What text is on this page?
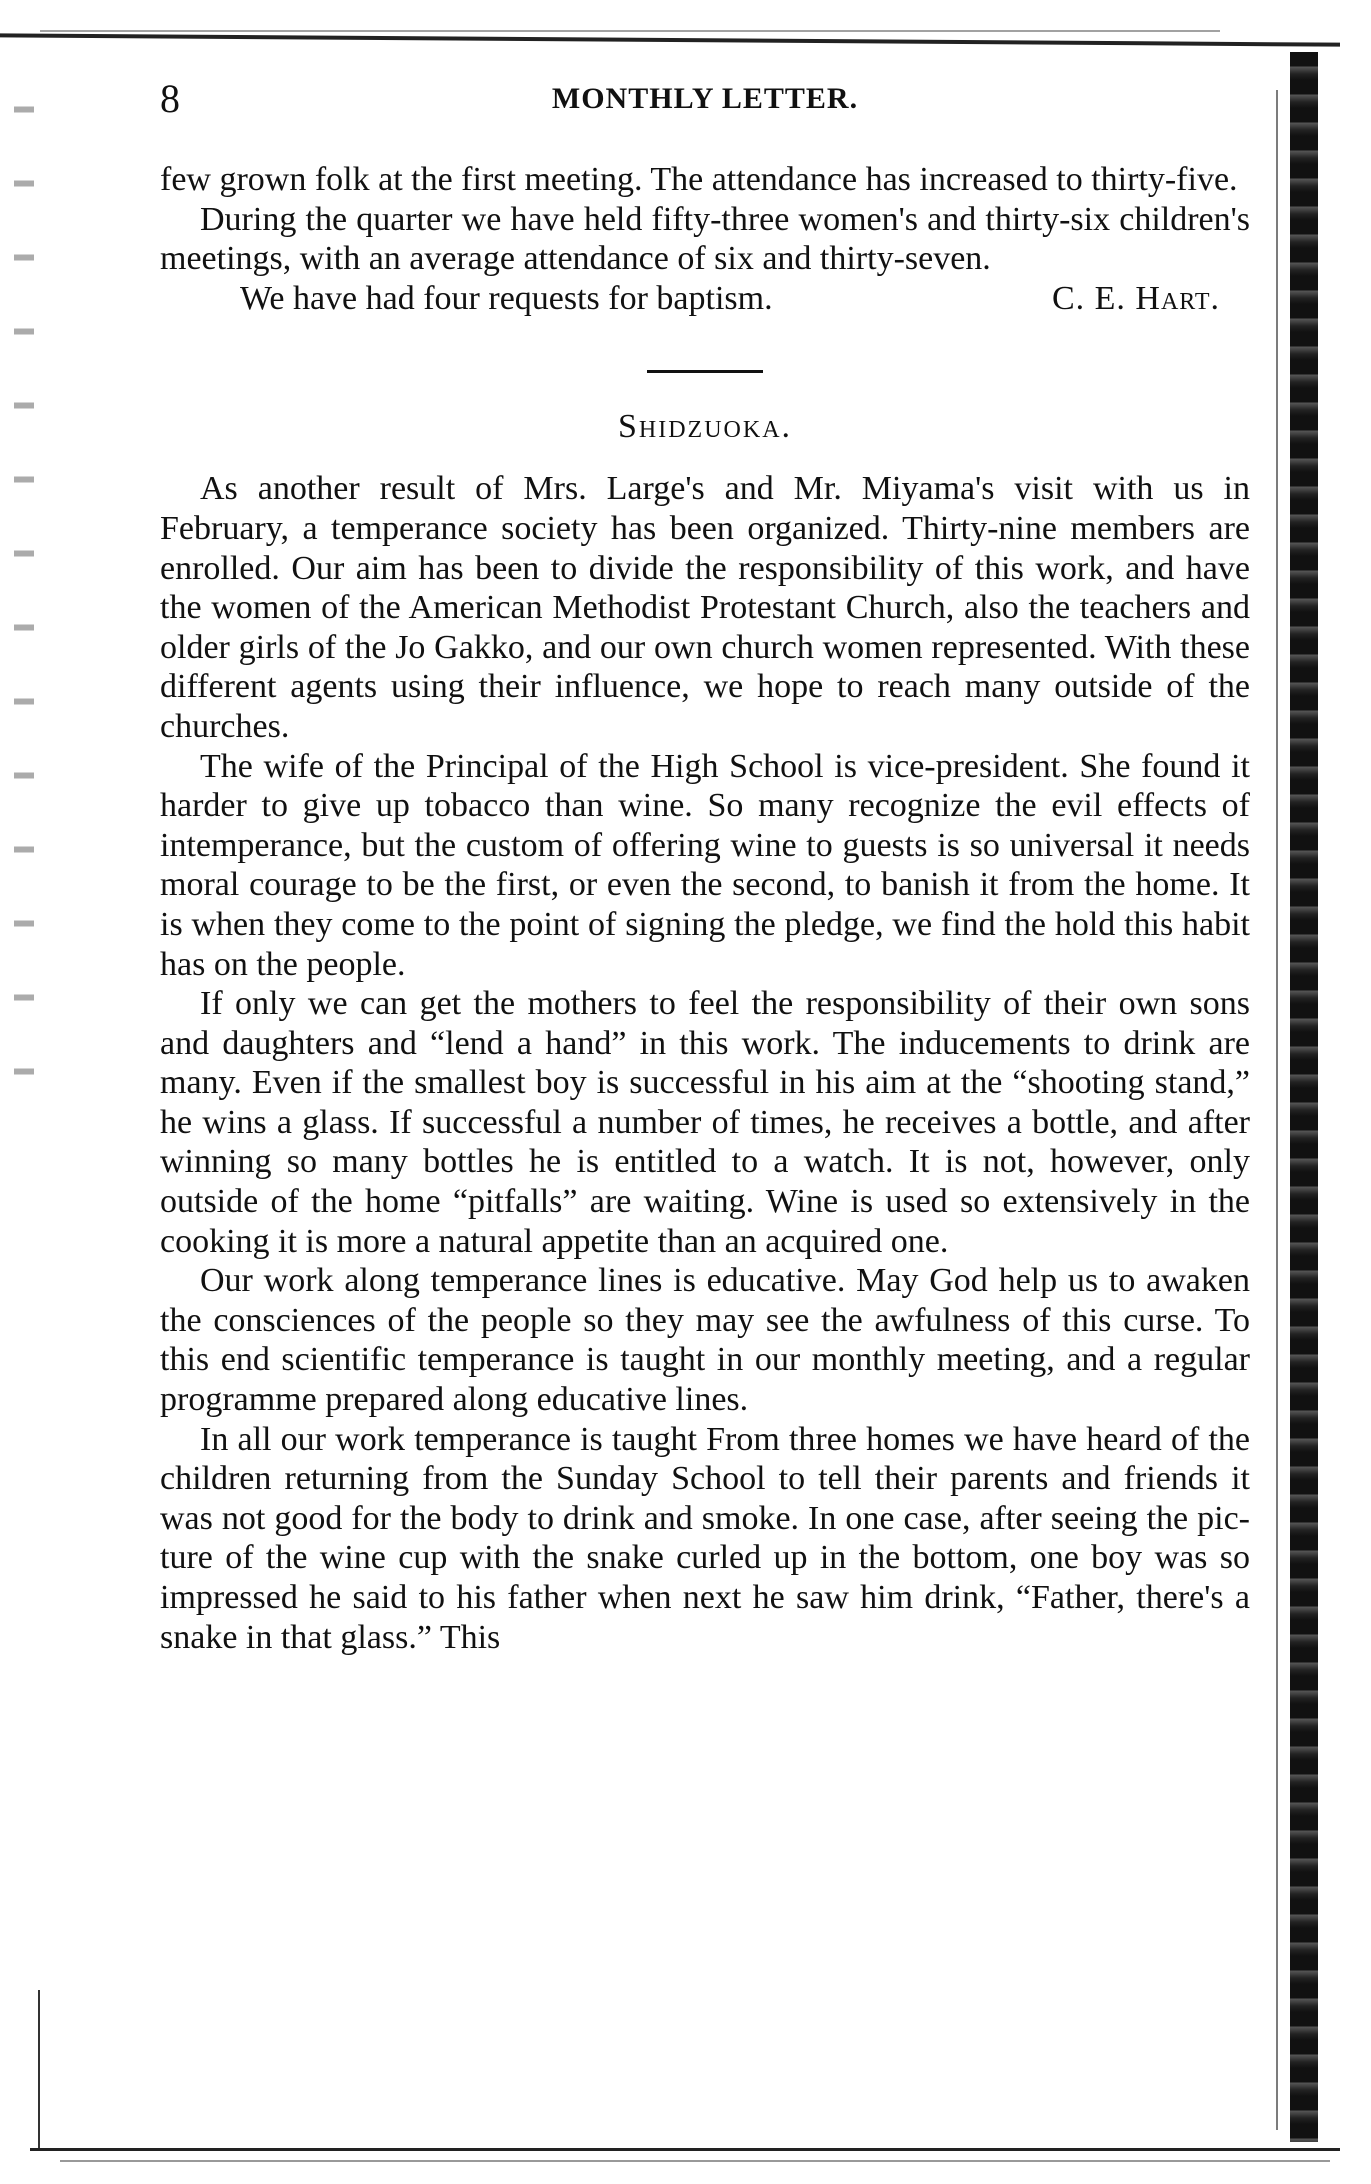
8	MONTHLY LETTER.

few grown folk at the first meeting. The attendance has increased to thirty-five.

During the quarter we have held fifty-three women's and thirty-six children's meetings, with an average attendance of six and thirty-seven.

We have had four requests for baptism.	C. E. Hart.

Shidzuoka.

As another result of Mrs. Large's and Mr. Miyama's visit with us in February, a temperance society has been organized. Thirty-nine members are enrolled. Our aim has been to divide the responsibility of this work, and have the women of the American Methodist Protestant Church, also the teachers and older girls of the Jo Gakko, and our own church women represented. With these different agents using their influence, we hope to reach many outside of the churches.

The wife of the Principal of the High School is vice-president. She found it harder to give up tobacco than wine. So many recognize the evil effects of intemperance, but the custom of offering wine to guests is so universal it needs moral courage to be the first, or even the second, to banish it from the home. It is when they come to the point of signing the pledge, we find the hold this habit has on the people.

If only we can get the mothers to feel the responsibility of their own sons and daughters and “lend a hand” in this work. The inducements to drink are many. Even if the smallest boy is successful in his aim at the “shooting stand,” he wins a glass. If successful a number of times, he receives a bottle, and after winning so many bottles he is entitled to a watch. It is not, however, only outside of the home “pitfalls” are waiting. Wine is used so extensively in the cooking it is more a natural appetite than an acquired one.

Our work along temperance lines is educative. May God help us to awaken the consciences of the people so they may see the awfulness of this curse. To this end scientific temperance is taught in our monthly meeting, and a regular programme prepared along educative lines.

In all our work temperance is taught From three homes we have heard of the children returning from the Sunday School to tell their parents and friends it was not good for the body to drink and smoke. In one case, after seeing the picture of the wine cup with the snake curled up in the bottom, one boy was so impressed he said to his father when next he saw him drink, “Father, there's a snake in that glass.” This
